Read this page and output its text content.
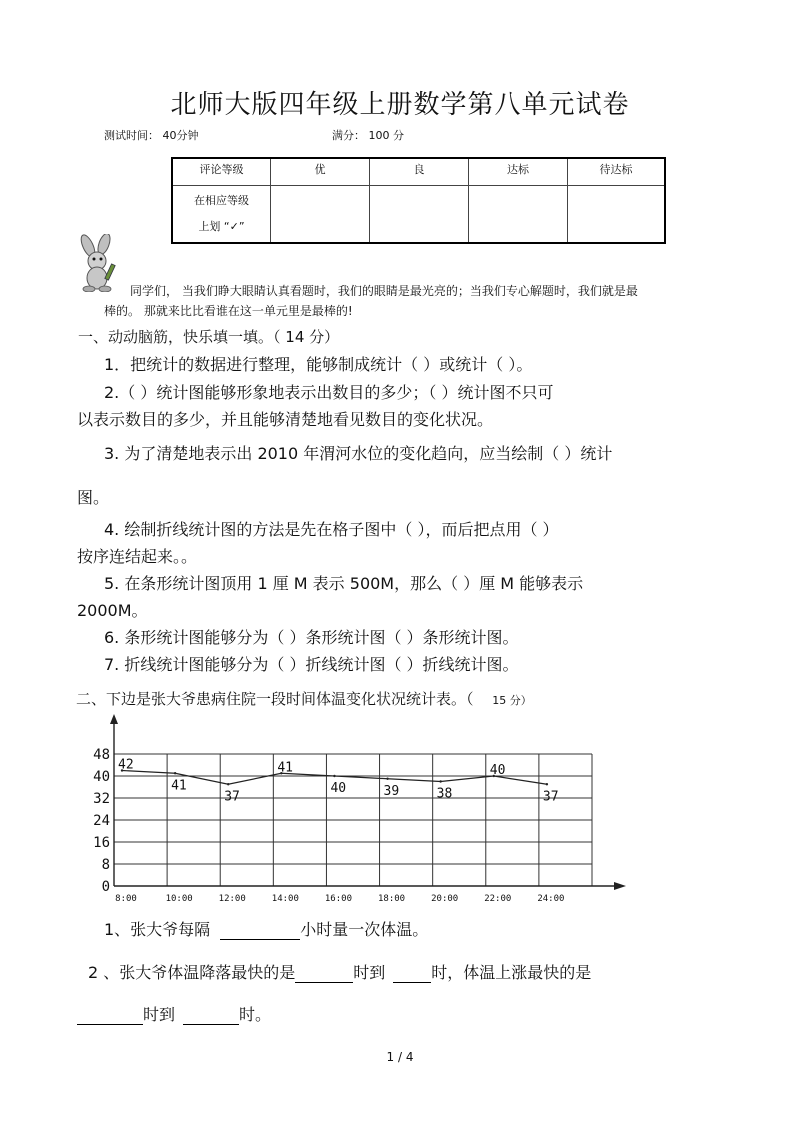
北师大版四年级上册数学第八单元试卷
测试时间： 40分钟	满分： 100 分
评论等级	优	良	达标	待达标

在相应等级
上划 “✓”				

同学们， 当我们睁大眼睛认真看题时，我们的眼睛是最光亮的；当我们专心解题时，我们就是最
棒的。 那就来比比看谁在这一单元里是最棒的!
一、动动脑筋，快乐填一填。（ 14 分）
1．把统计的数据进行整理，能够制成统计（ ）或统计（ ）。
2.（ ）统计图能够形象地表示出数目的多少；（ ）统计图不只可
以表示数目的多少，并且能够清楚地看见数目的变化状况。
3. 为了清楚地表示出 2010 年渭河水位的变化趋向，应当绘制（ ）统计
图。
4. 绘制折线统计图的方法是先在格子图中（ ），而后把点用（ ）
按序连结起来。。
5. 在条形统计图顶用 1 厘 M 表示 500M，那么（ ）厘 M 能够表示
2000M。
6. 条形统计图能够分为（ ）条形统计图（ ）条形统计图。
7. 折线统计图能够分为（ ）折线统计图（ ）折线统计图。
二、下边是张大爷患病住院一段时间体温变化状况统计表。（ 15 分）
48
40
32
24
16
8
0
8:00	10:00	12:00	14:00	16:00	18:00	20:00	22:00	24:00
42
41
37
41
40	39	38
40
37
1、张大爷每隔	小时量一次体温。
2 、张大爷体温降落最快的是	时到	时，体温上涨最快的是
时到	时。
1 / 4
